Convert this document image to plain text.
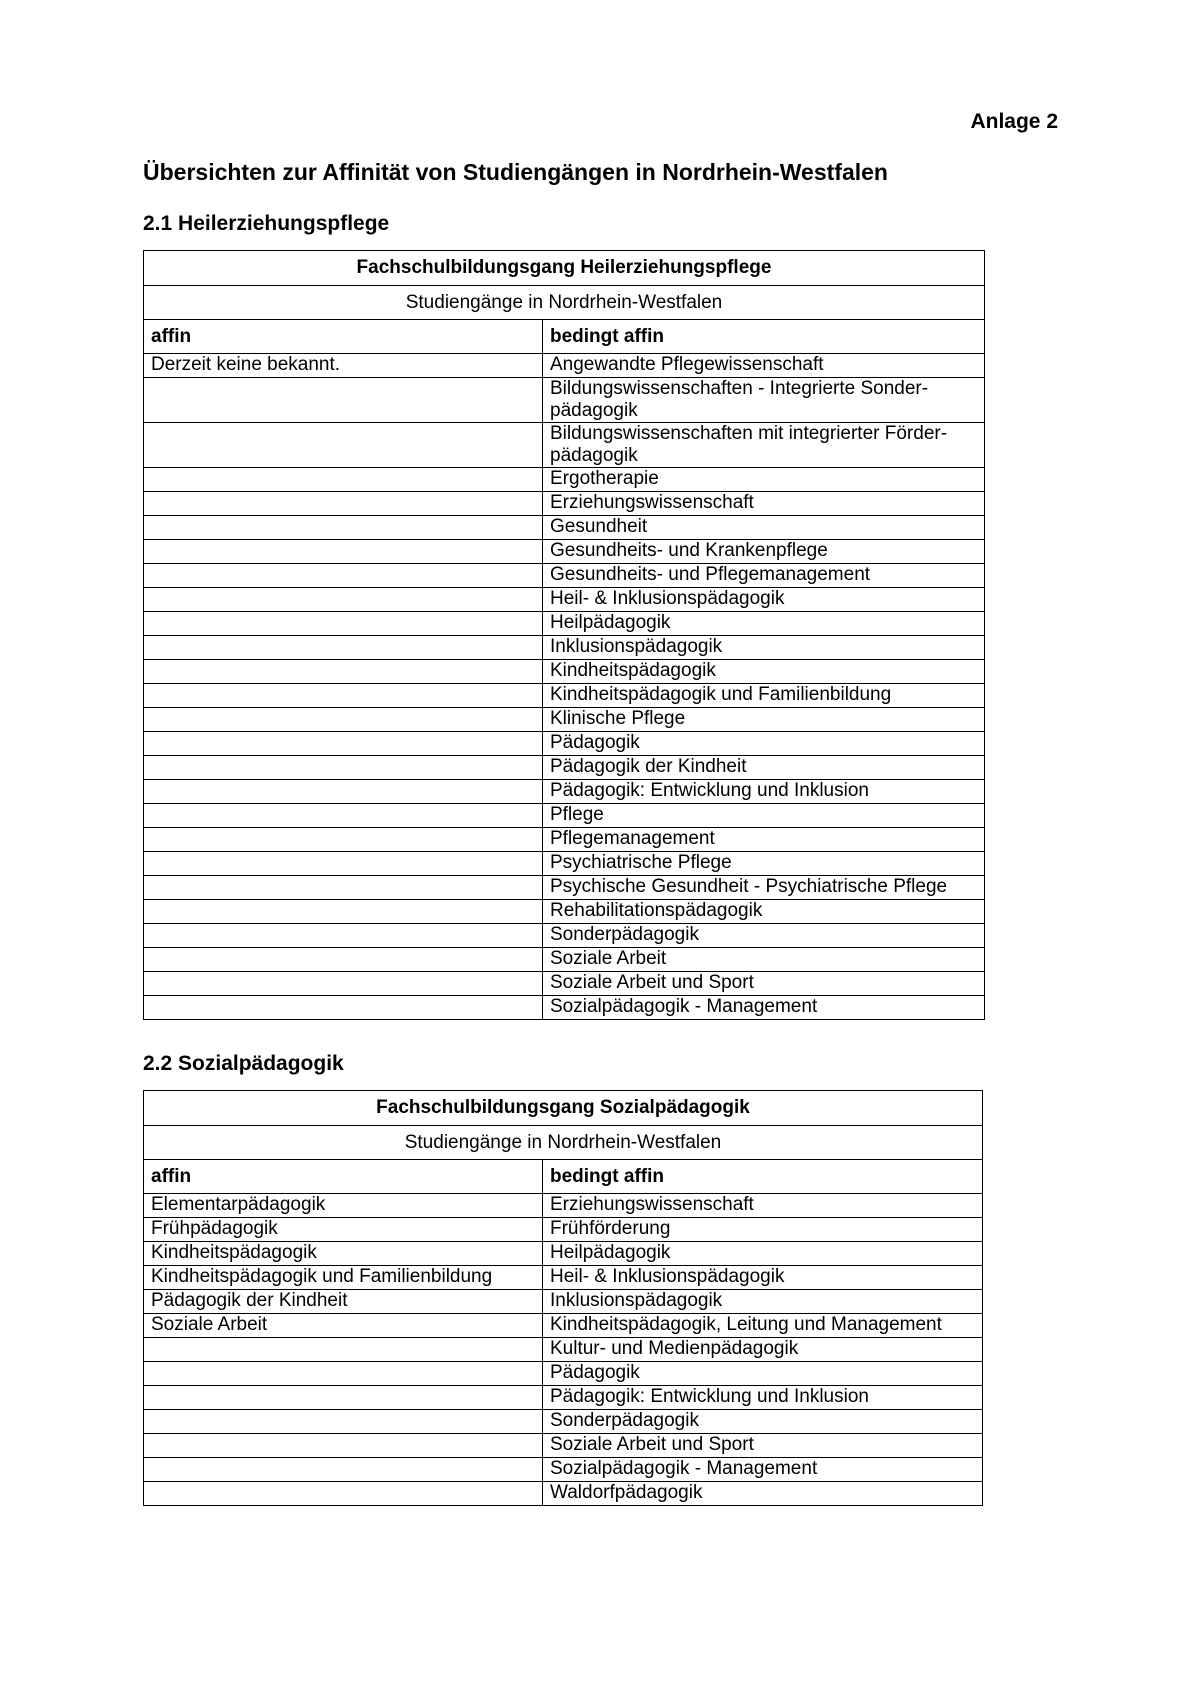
Anlage 2
Übersichten zur Affinität von Studiengängen in Nordrhein-Westfalen
2.1 Heilerziehungspflege
Fachschulbildungsgang Heilerziehungspflege	
Studiengänge in Nordrhein-Westfalen	
affin	bedingt affin
Derzeit keine bekannt.	Angewandte Pflegewissenschaft
	Bildungswissenschaften - Integrierte Sonder-pädagogik
	Bildungswissenschaften mit integrierter Förder-pädagogik
	Ergotherapie
	Erziehungswissenschaft
	Gesundheit
	Gesundheits- und Krankenpflege
	Gesundheits- und Pflegemanagement
	Heil- & Inklusionspädagogik
	Heilpädagogik
	Inklusionspädagogik
	Kindheitspädagogik
	Kindheitspädagogik und Familienbildung
	Klinische Pflege
	Pädagogik
	Pädagogik der Kindheit
	Pädagogik: Entwicklung und Inklusion
	Pflege
	Pflegemanagement
	Psychiatrische Pflege
	Psychische Gesundheit - Psychiatrische Pflege
	Rehabilitationspädagogik
	Sonderpädagogik
	Soziale Arbeit
	Soziale Arbeit und Sport
	Sozialpädagogik - Management
2.2 Sozialpädagogik
Fachschulbildungsgang Sozialpädagogik	
Studiengänge in Nordrhein-Westfalen	
affin	bedingt affin
Elementarpädagogik	Erziehungswissenschaft
Frühpädagogik	Frühförderung
Kindheitspädagogik	Heilpädagogik
Kindheitspädagogik und Familienbildung	Heil- & Inklusionspädagogik
Pädagogik der Kindheit	Inklusionspädagogik
Soziale Arbeit	Kindheitspädagogik, Leitung und Management
	Kultur- und Medienpädagogik
	Pädagogik
	Pädagogik: Entwicklung und Inklusion
	Sonderpädagogik
	Soziale Arbeit und Sport
	Sozialpädagogik - Management
	Waldorfpädagogik
